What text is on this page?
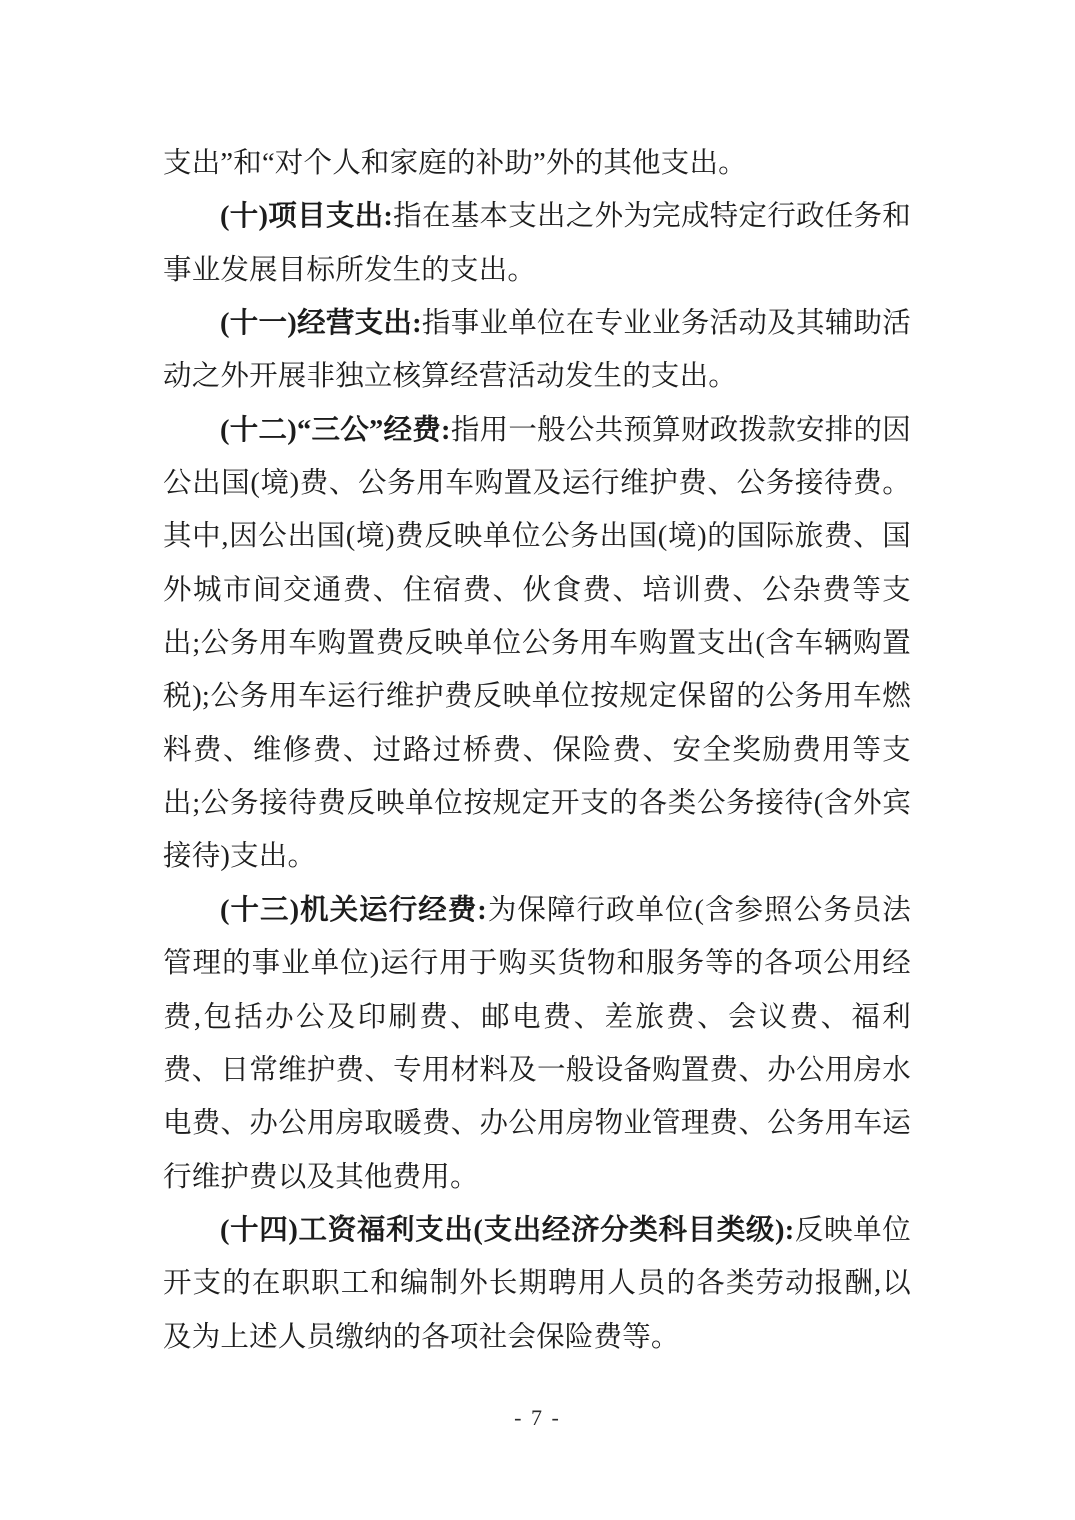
支出”和“对个人和家庭的补助”外的其他支出。

(十)项目支出:指在基本支出之外为完成特定行政任务和事业发展目标所发生的支出。

(十一)经营支出:指事业单位在专业业务活动及其辅助活动之外开展非独立核算经营活动发生的支出。

(十二)“三公”经费:指用一般公共预算财政拨款安排的因公出国(境)费、公务用车购置及运行维护费、公务接待费。其中,因公出国(境)费反映单位公务出国(境)的国际旅费、国外城市间交通费、住宿费、伙食费、培训费、公杂费等支出;公务用车购置费反映单位公务用车购置支出(含车辆购置税);公务用车运行维护费反映单位按规定保留的公务用车燃料费、维修费、过路过桥费、保险费、安全奖励费用等支出;公务接待费反映单位按规定开支的各类公务接待(含外宾接待)支出。

(十三)机关运行经费:为保障行政单位(含参照公务员法管理的事业单位)运行用于购买货物和服务等的各项公用经费,包括办公及印刷费、邮电费、差旅费、会议费、福利费、日常维护费、专用材料及一般设备购置费、办公用房水电费、办公用房取暖费、办公用房物业管理费、公务用车运行维护费以及其他费用。

(十四)工资福利支出(支出经济分类科目类级):反映单位开支的在职职工和编制外长期聘用人员的各类劳动报酬,以及为上述人员缴纳的各项社会保险费等。

- 7 -
